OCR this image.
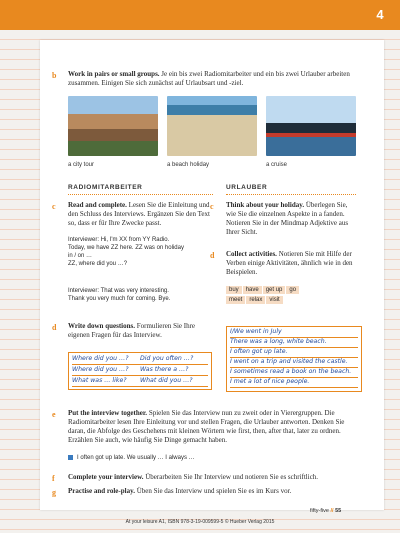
4
b Work in pairs or small groups. Je ein bis zwei Radiomitarbeiter und ein bis zwei Urlauber arbeiten zusammen. Einigen Sie sich zunächst auf Urlaubsart und -ziel.
a city tour	a beach holiday	a cruise
RADIOMITARBEITER	URLAUBER
c Read and complete. Lesen Sie die Einleitung und den Schluss des Interviews. Ergänzen Sie den Text so, dass er für Ihre Zwecke passt.
Interviewer: Hi, I'm XX from YY Radio.
Today, we have ZZ here. ZZ was on holiday
in / on …
ZZ, where did you …?
Interviewer: That was very interesting.
Thank you very much for coming. Bye.
c Think about your holiday. Überlegen Sie, wie Sie die einzelnen Aspekte in a fanden. Notieren Sie in der Mindmap Adjektive aus Ihrer Sicht.
d Collect activities. Notieren Sie mit Hilfe der Verben einige Aktivitäten, ähnlich wie in den Beispielen.
buy have get up go
meet relax visit
d Write down questions. Formulieren Sie Ihre eigenen Fragen für das Interview.
Where did you …? Did you often …?
Where did you …? Was there a …?
What was … like? What did you …?
I/We went in July
There was a long, white beach.
I often got up late.
I went on a trip and visited the castle.
I sometimes read a book on the beach.
I met a lot of nice people.
e Put the interview together. Spielen Sie das Interview nun zu zweit oder in Vierergruppen. Die Radiomitarbeiter lesen Ihre Einleitung vor und stellen Fragen, die Urlauber antworten. Denken Sie daran, die Abfolge des Geschehens mit kleinen Wörtern wie first, then, after that, later zu ordnen. Erzählen Sie auch, wie häufig Sie Dinge gemacht haben.
I often got up late. We usually … I always …
f Complete your interview. Überarbeiten Sie Ihr Interview und notieren Sie es schriftlich.
g Practise and role-play. Üben Sie das Interview und spielen Sie es im Kurs vor.
fifty-five // 55
At your leisure A1, ISBN 978-3-19-009599-5 © Hueber Verlag 2015
